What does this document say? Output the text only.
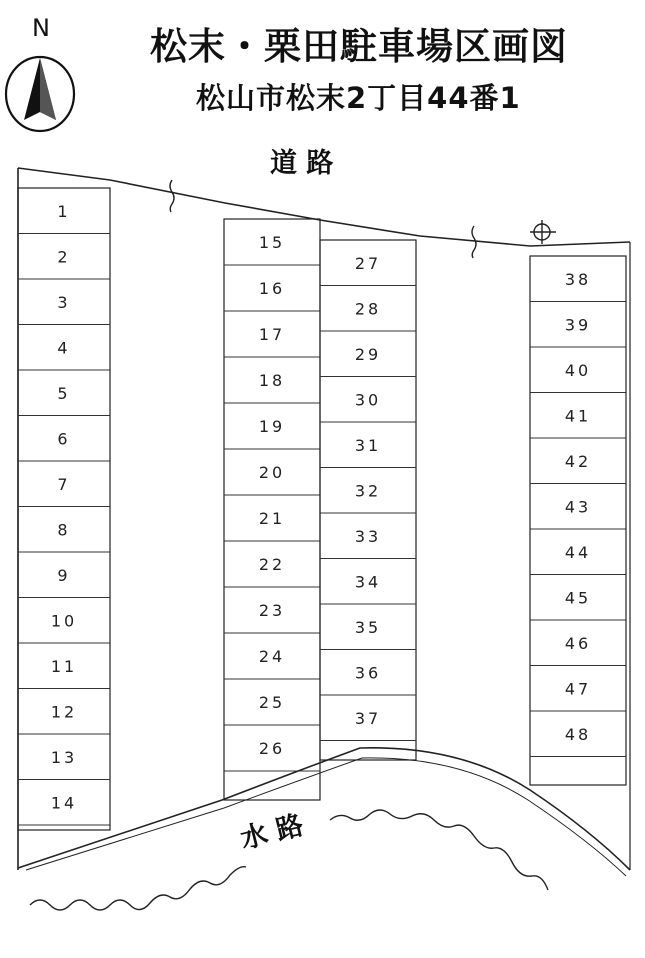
松末・栗田駐車場区画図
松山市松末2丁目44番1
N
道 路
1
2
3
4
5
6
7
8
9
10
11
12
13
14
15
16
17
18
19
20
21
22
23
24
25
26
27
28
29
30
31
32
33
34
35
36
37
38
39
40
41
42
43
44
45
46
47
48
水 路
